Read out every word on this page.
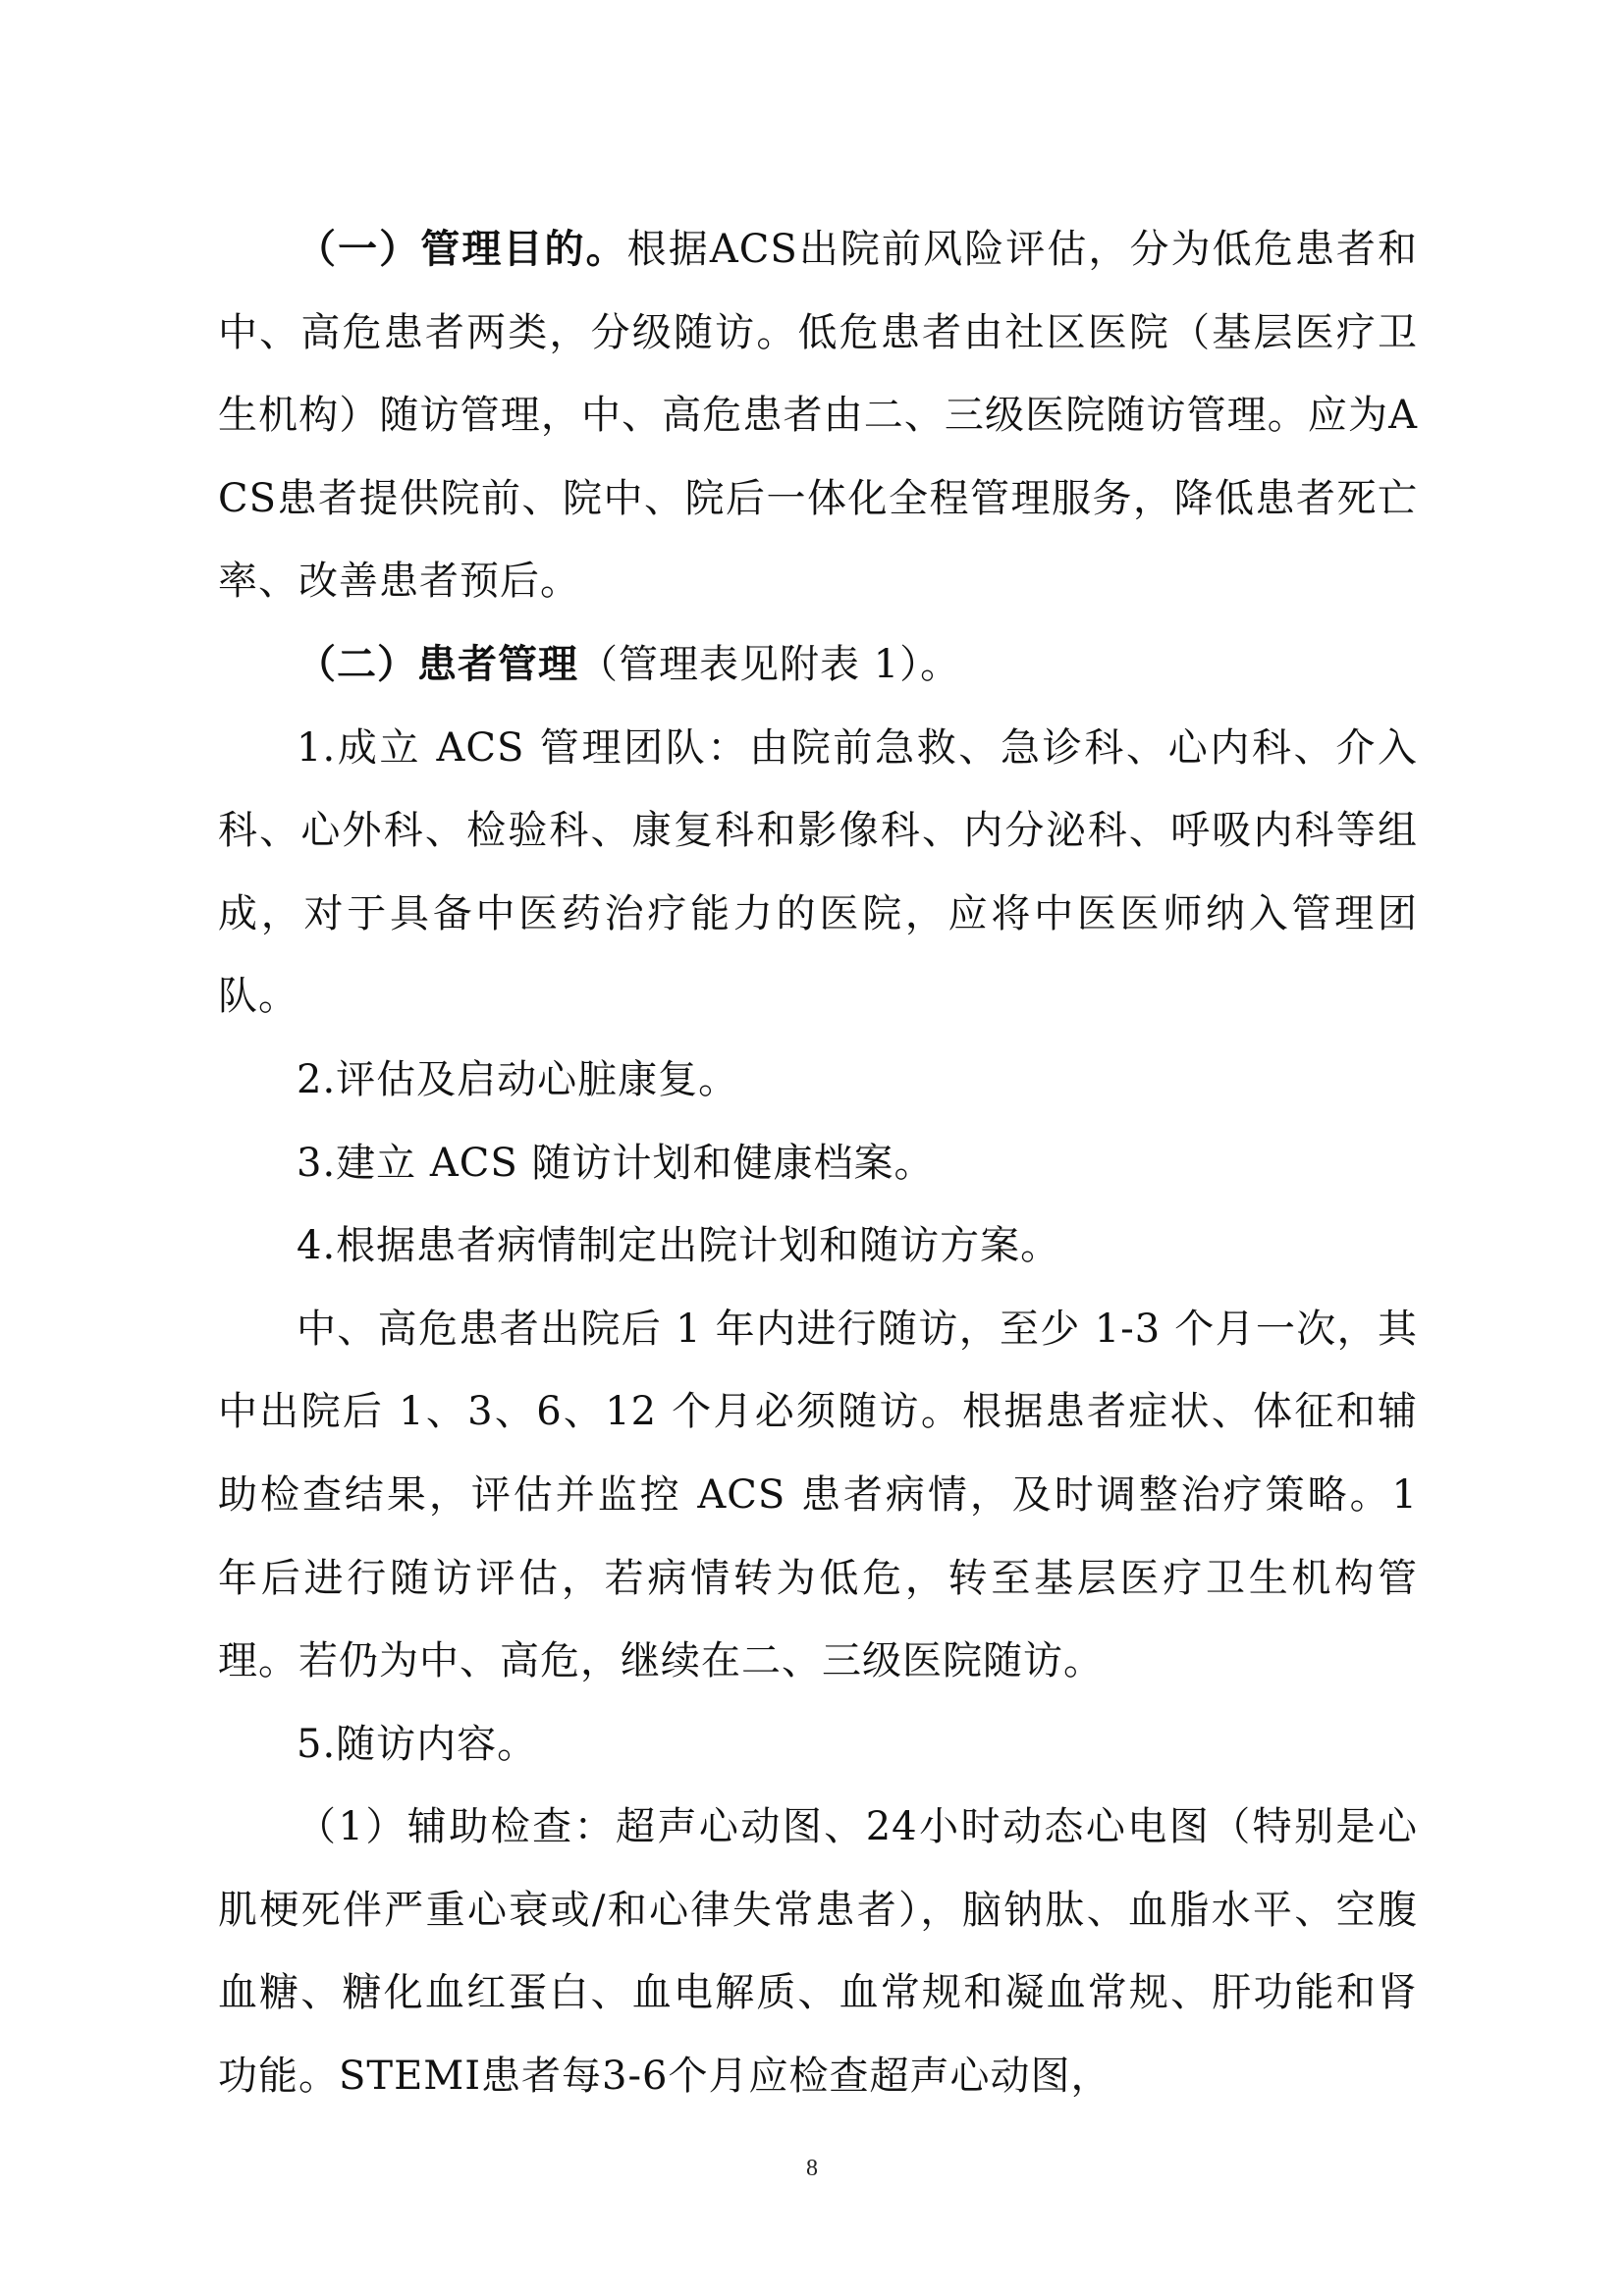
（一）管理目的。根据ACS出院前风险评估，分为低危患者和中、高危患者两类，分级随访。低危患者由社区医院（基层医疗卫生机构）随访管理，中、高危患者由二、三级医院随访管理。应为ACS患者提供院前、院中、院后一体化全程管理服务，降低患者死亡率、改善患者预后。

（二）患者管理（管理表见附表 1）。

1.成立 ACS 管理团队：由院前急救、急诊科、心内科、介入科、心外科、检验科、康复科和影像科、内分泌科、呼吸内科等组成，对于具备中医药治疗能力的医院，应将中医医师纳入管理团队。

2.评估及启动心脏康复。

3.建立 ACS 随访计划和健康档案。

4.根据患者病情制定出院计划和随访方案。

中、高危患者出院后 1 年内进行随访，至少 1-3 个月一次，其中出院后 1、3、6、12 个月必须随访。根据患者症状、体征和辅助检查结果，评估并监控 ACS 患者病情，及时调整治疗策略。1 年后进行随访评估，若病情转为低危，转至基层医疗卫生机构管理。若仍为中、高危，继续在二、三级医院随访。

5.随访内容。

（1）辅助检查：超声心动图、24小时动态心电图（特别是心肌梗死伴严重心衰或/和心律失常患者），脑钠肽、血脂水平、空腹血糖、糖化血红蛋白、血电解质、血常规和凝血常规、肝功能和肾功能。STEMI患者每3-6个月应检查超声心动图，

8
